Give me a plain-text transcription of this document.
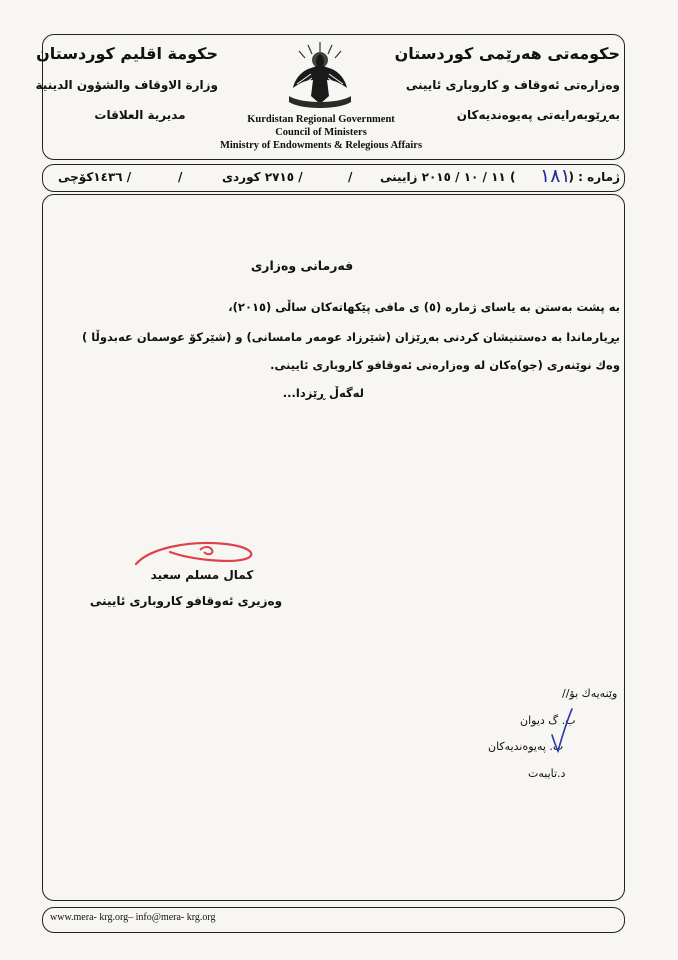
حکومەتی هەرێمی کوردستان
وەزارەتی ئەوقاف و کاروباری ئایینی
بەڕێوبەرایەتی پەیوەندیەکان
حكومة اقليم كوردستان
وزارة الاوقاف والشؤون الدينية
مديرية العلاقات	Kurdistan Regional Government
Council of Ministers
Ministry of Endowments & Relegious Affairs
ژمارە : (
١٨١
) ١١ / ١٠ / ٢٠١٥ زایینی
/ ٢٧١٥ کوردی	/
/
/ ١٤٣٦کۆچی
فەرمانی وەزاری
بە پشت بەستن بە یاسای ژمارە (٥) ی مافی پێکهاتەکان ساڵی (٢٠١٥)،
بڕیارماندا بە دەستنیشان کردنی بەڕێزان (شێرزاد عومەر مامسانی) و (شێرکۆ عوسمان عەبدوڵا )
وەك نوێنەری (جو)ەکان لە وەزارەتی ئەوقافو کاروباری ئایینی.
لەگەڵ ڕێزدا...
کمال مسلم سعيد
وەزیری ئەوقافو کاروباری ئایینی
وێنەیەك بۆ//
ب. گ دیوان
ب. پەیوەندیەکان
د.تایبەت
www.mera- krg.org– info@mera- krg.org
